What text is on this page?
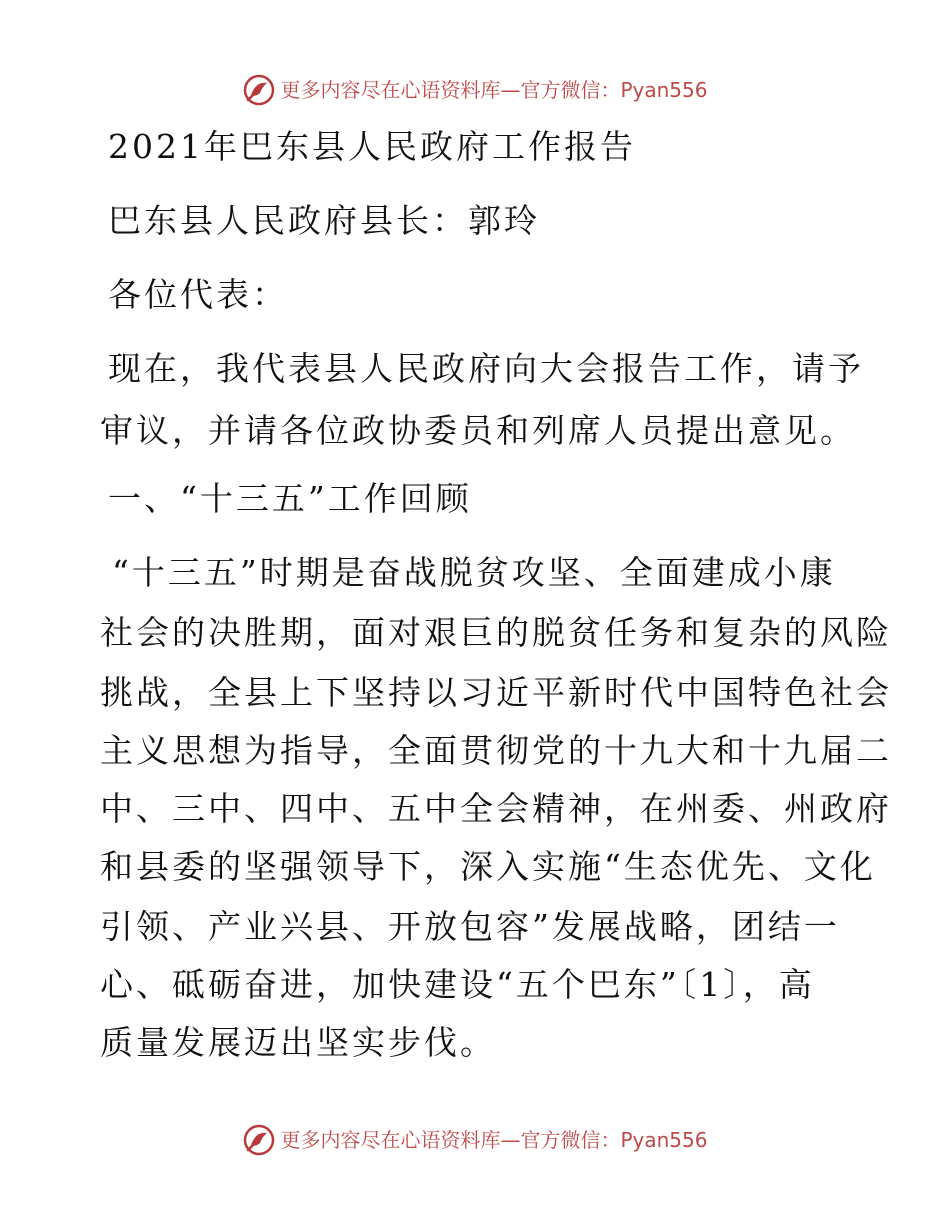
更多内容尽在心语资料库—官方微信：Pyan556
2021年巴东县人民政府工作报告
巴东县人民政府县长：郭玲
各位代表：
现在，我代表县人民政府向大会报告工作，请予
审议，并请各位政协委员和列席人员提出意见。
一、“十三五”工作回顾
“十三五”时期是奋战脱贫攻坚、全面建成小康
社会的决胜期，面对艰巨的脱贫任务和复杂的风险
挑战，全县上下坚持以习近平新时代中国特色社会
主义思想为指导，全面贯彻党的十九大和十九届二
中、三中、四中、五中全会精神，在州委、州政府
和县委的坚强领导下，深入实施“生态优先、文化
引领、产业兴县、开放包容”发展战略，团结一
心、砥砺奋进，加快建设“五个巴东”〔1〕，高
质量发展迈出坚实步伐。
更多内容尽在心语资料库—官方微信：Pyan556
